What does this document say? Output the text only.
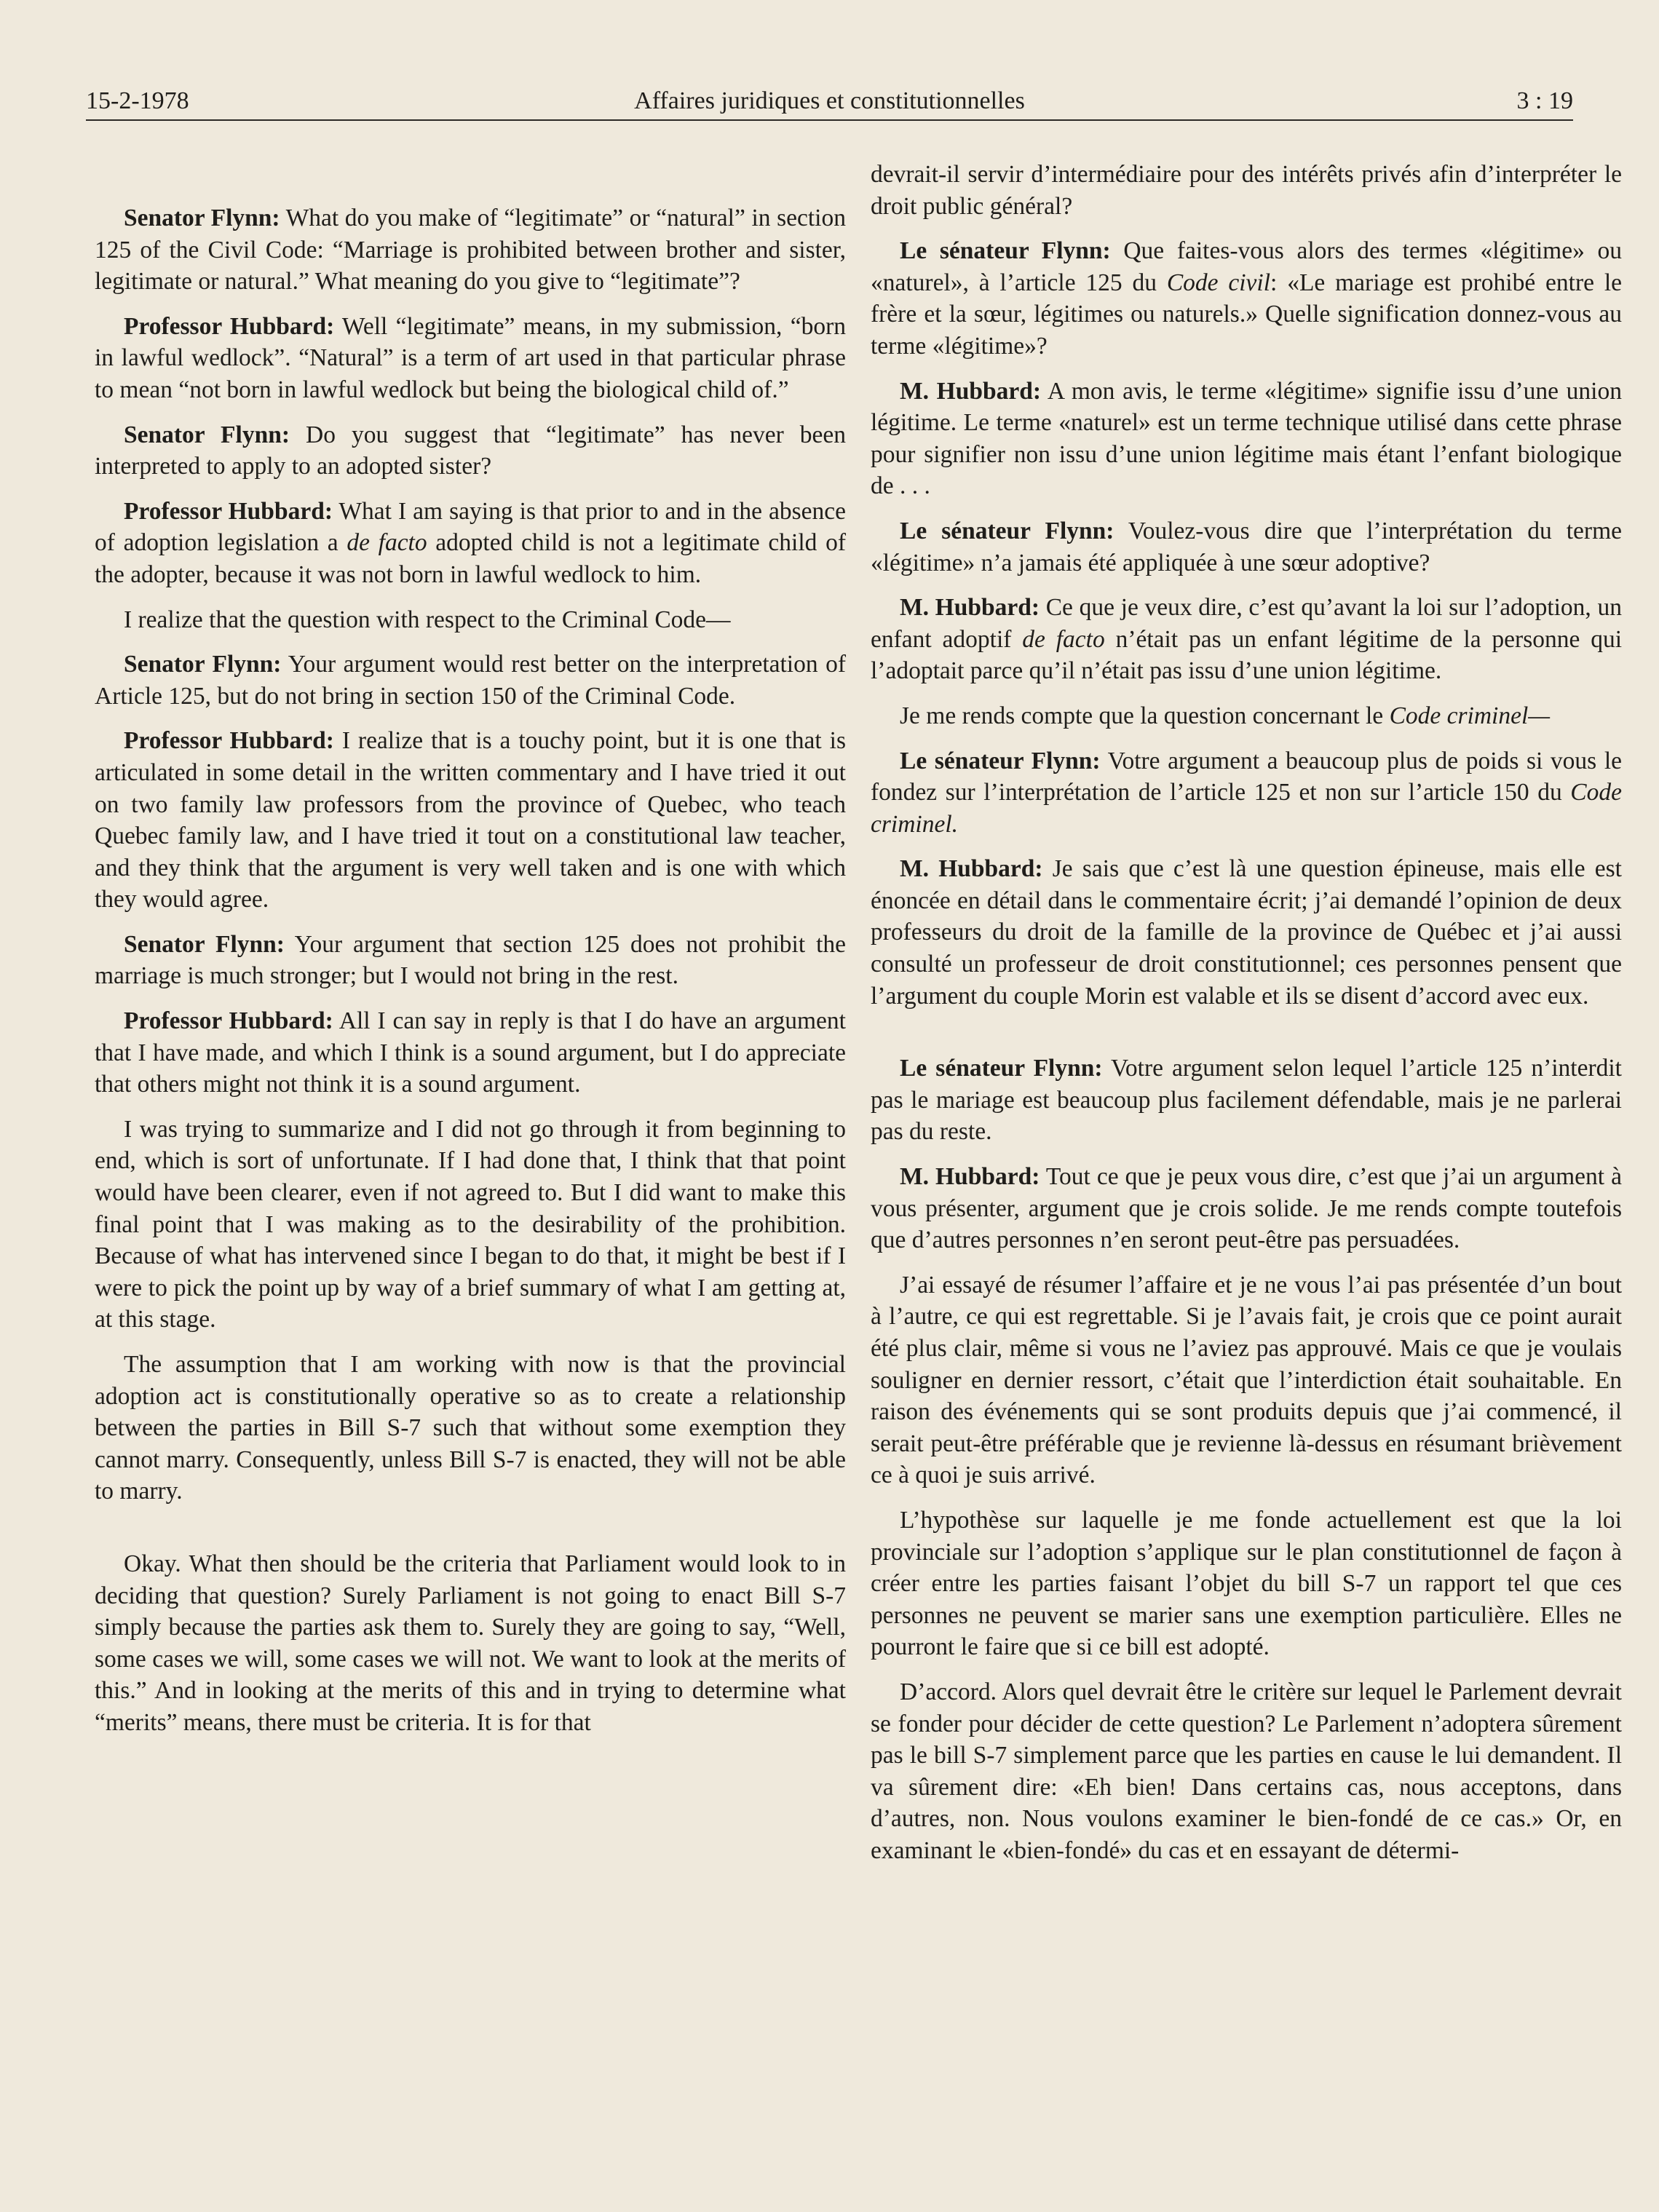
15-2-1978	Affaires juridiques et constitutionnelles	3 : 19

Senator Flynn: What do you make of “legitimate” or “natural” in section 125 of the Civil Code: “Marriage is prohibited between brother and sister, legitimate or natural.” What meaning do you give to “legitimate”?

Professor Hubbard: Well “legitimate” means, in my submission, “born in lawful wedlock”. “Natural” is a term of art used in that particular phrase to mean “not born in lawful wedlock but being the biological child of.”

Senator Flynn: Do you suggest that “legitimate” has never been interpreted to apply to an adopted sister?

Professor Hubbard: What I am saying is that prior to and in the absence of adoption legislation a de facto adopted child is not a legitimate child of the adopter, because it was not born in lawful wedlock to him.

I realize that the question with respect to the Criminal Code—

Senator Flynn: Your argument would rest better on the interpretation of Article 125, but do not bring in section 150 of the Criminal Code.

Professor Hubbard: I realize that is a touchy point, but it is one that is articulated in some detail in the written commentary and I have tried it out on two family law professors from the province of Quebec, who teach Quebec family law, and I have tried it tout on a constitutional law teacher, and they think that the argument is very well taken and is one with which they would agree.

Senator Flynn: Your argument that section 125 does not prohibit the marriage is much stronger; but I would not bring in the rest.

Professor Hubbard: All I can say in reply is that I do have an argument that I have made, and which I think is a sound argument, but I do appreciate that others might not think it is a sound argument.

I was trying to summarize and I did not go through it from beginning to end, which is sort of unfortunate. If I had done that, I think that that point would have been clearer, even if not agreed to. But I did want to make this final point that I was making as to the desirability of the prohibition. Because of what has intervened since I began to do that, it might be best if I were to pick the point up by way of a brief summary of what I am getting at, at this stage.

The assumption that I am working with now is that the provincial adoption act is constitutionally operative so as to create a relationship between the parties in Bill S-7 such that without some exemption they cannot marry. Consequently, unless Bill S-7 is enacted, they will not be able to marry.

Okay. What then should be the criteria that Parliament would look to in deciding that question? Surely Parliament is not going to enact Bill S-7 simply because the parties ask them to. Surely they are going to say, “Well, some cases we will, some cases we will not. We want to look at the merits of this.” And in looking at the merits of this and in trying to determine what “merits” means, there must be criteria. It is for that

devrait-il servir d’intermédiaire pour des intérêts privés afin d’interpréter le droit public général?

Le sénateur Flynn: Que faites-vous alors des termes «légitime» ou «naturel», à l’article 125 du Code civil: «Le mariage est prohibé entre le frère et la sœur, légitimes ou naturels.» Quelle signification donnez-vous au terme «légitime»?

M. Hubbard: A mon avis, le terme «légitime» signifie issu d’une union légitime. Le terme «naturel» est un terme technique utilisé dans cette phrase pour signifier non issu d’une union légitime mais étant l’enfant biologique de . . .

Le sénateur Flynn: Voulez-vous dire que l’interprétation du terme «légitime» n’a jamais été appliquée à une sœur adoptive?

M. Hubbard: Ce que je veux dire, c’est qu’avant la loi sur l’adoption, un enfant adoptif de facto n’était pas un enfant légitime de la personne qui l’adoptait parce qu’il n’était pas issu d’une union légitime.

Je me rends compte que la question concernant le Code criminel—

Le sénateur Flynn: Votre argument a beaucoup plus de poids si vous le fondez sur l’interprétation de l’article 125 et non sur l’article 150 du Code criminel.

M. Hubbard: Je sais que c’est là une question épineuse, mais elle est énoncée en détail dans le commentaire écrit; j’ai demandé l’opinion de deux professeurs du droit de la famille de la province de Québec et j’ai aussi consulté un professeur de droit constitutionnel; ces personnes pensent que l’argument du couple Morin est valable et ils se disent d’accord avec eux.

Le sénateur Flynn: Votre argument selon lequel l’article 125 n’interdit pas le mariage est beaucoup plus facilement défendable, mais je ne parlerai pas du reste.

M. Hubbard: Tout ce que je peux vous dire, c’est que j’ai un argument à vous présenter, argument que je crois solide. Je me rends compte toutefois que d’autres personnes n’en seront peut-être pas persuadées.

J’ai essayé de résumer l’affaire et je ne vous l’ai pas présentée d’un bout à l’autre, ce qui est regrettable. Si je l’avais fait, je crois que ce point aurait été plus clair, même si vous ne l’aviez pas approuvé. Mais ce que je voulais souligner en dernier ressort, c’était que l’interdiction était souhaitable. En raison des événements qui se sont produits depuis que j’ai commencé, il serait peut-être préférable que je revienne là-dessus en résumant brièvement ce à quoi je suis arrivé.

L’hypothèse sur laquelle je me fonde actuellement est que la loi provinciale sur l’adoption s’applique sur le plan constitutionnel de façon à créer entre les parties faisant l’objet du bill S-7 un rapport tel que ces personnes ne peuvent se marier sans une exemption particulière. Elles ne pourront le faire que si ce bill est adopté.

D’accord. Alors quel devrait être le critère sur lequel le Parlement devrait se fonder pour décider de cette question? Le Parlement n’adoptera sûrement pas le bill S-7 simplement parce que les parties en cause le lui demandent. Il va sûrement dire: «Eh bien! Dans certains cas, nous acceptons, dans d’autres, non. Nous voulons examiner le bien-fondé de ce cas.» Or, en examinant le «bien-fondé» du cas et en essayant de détermi-
